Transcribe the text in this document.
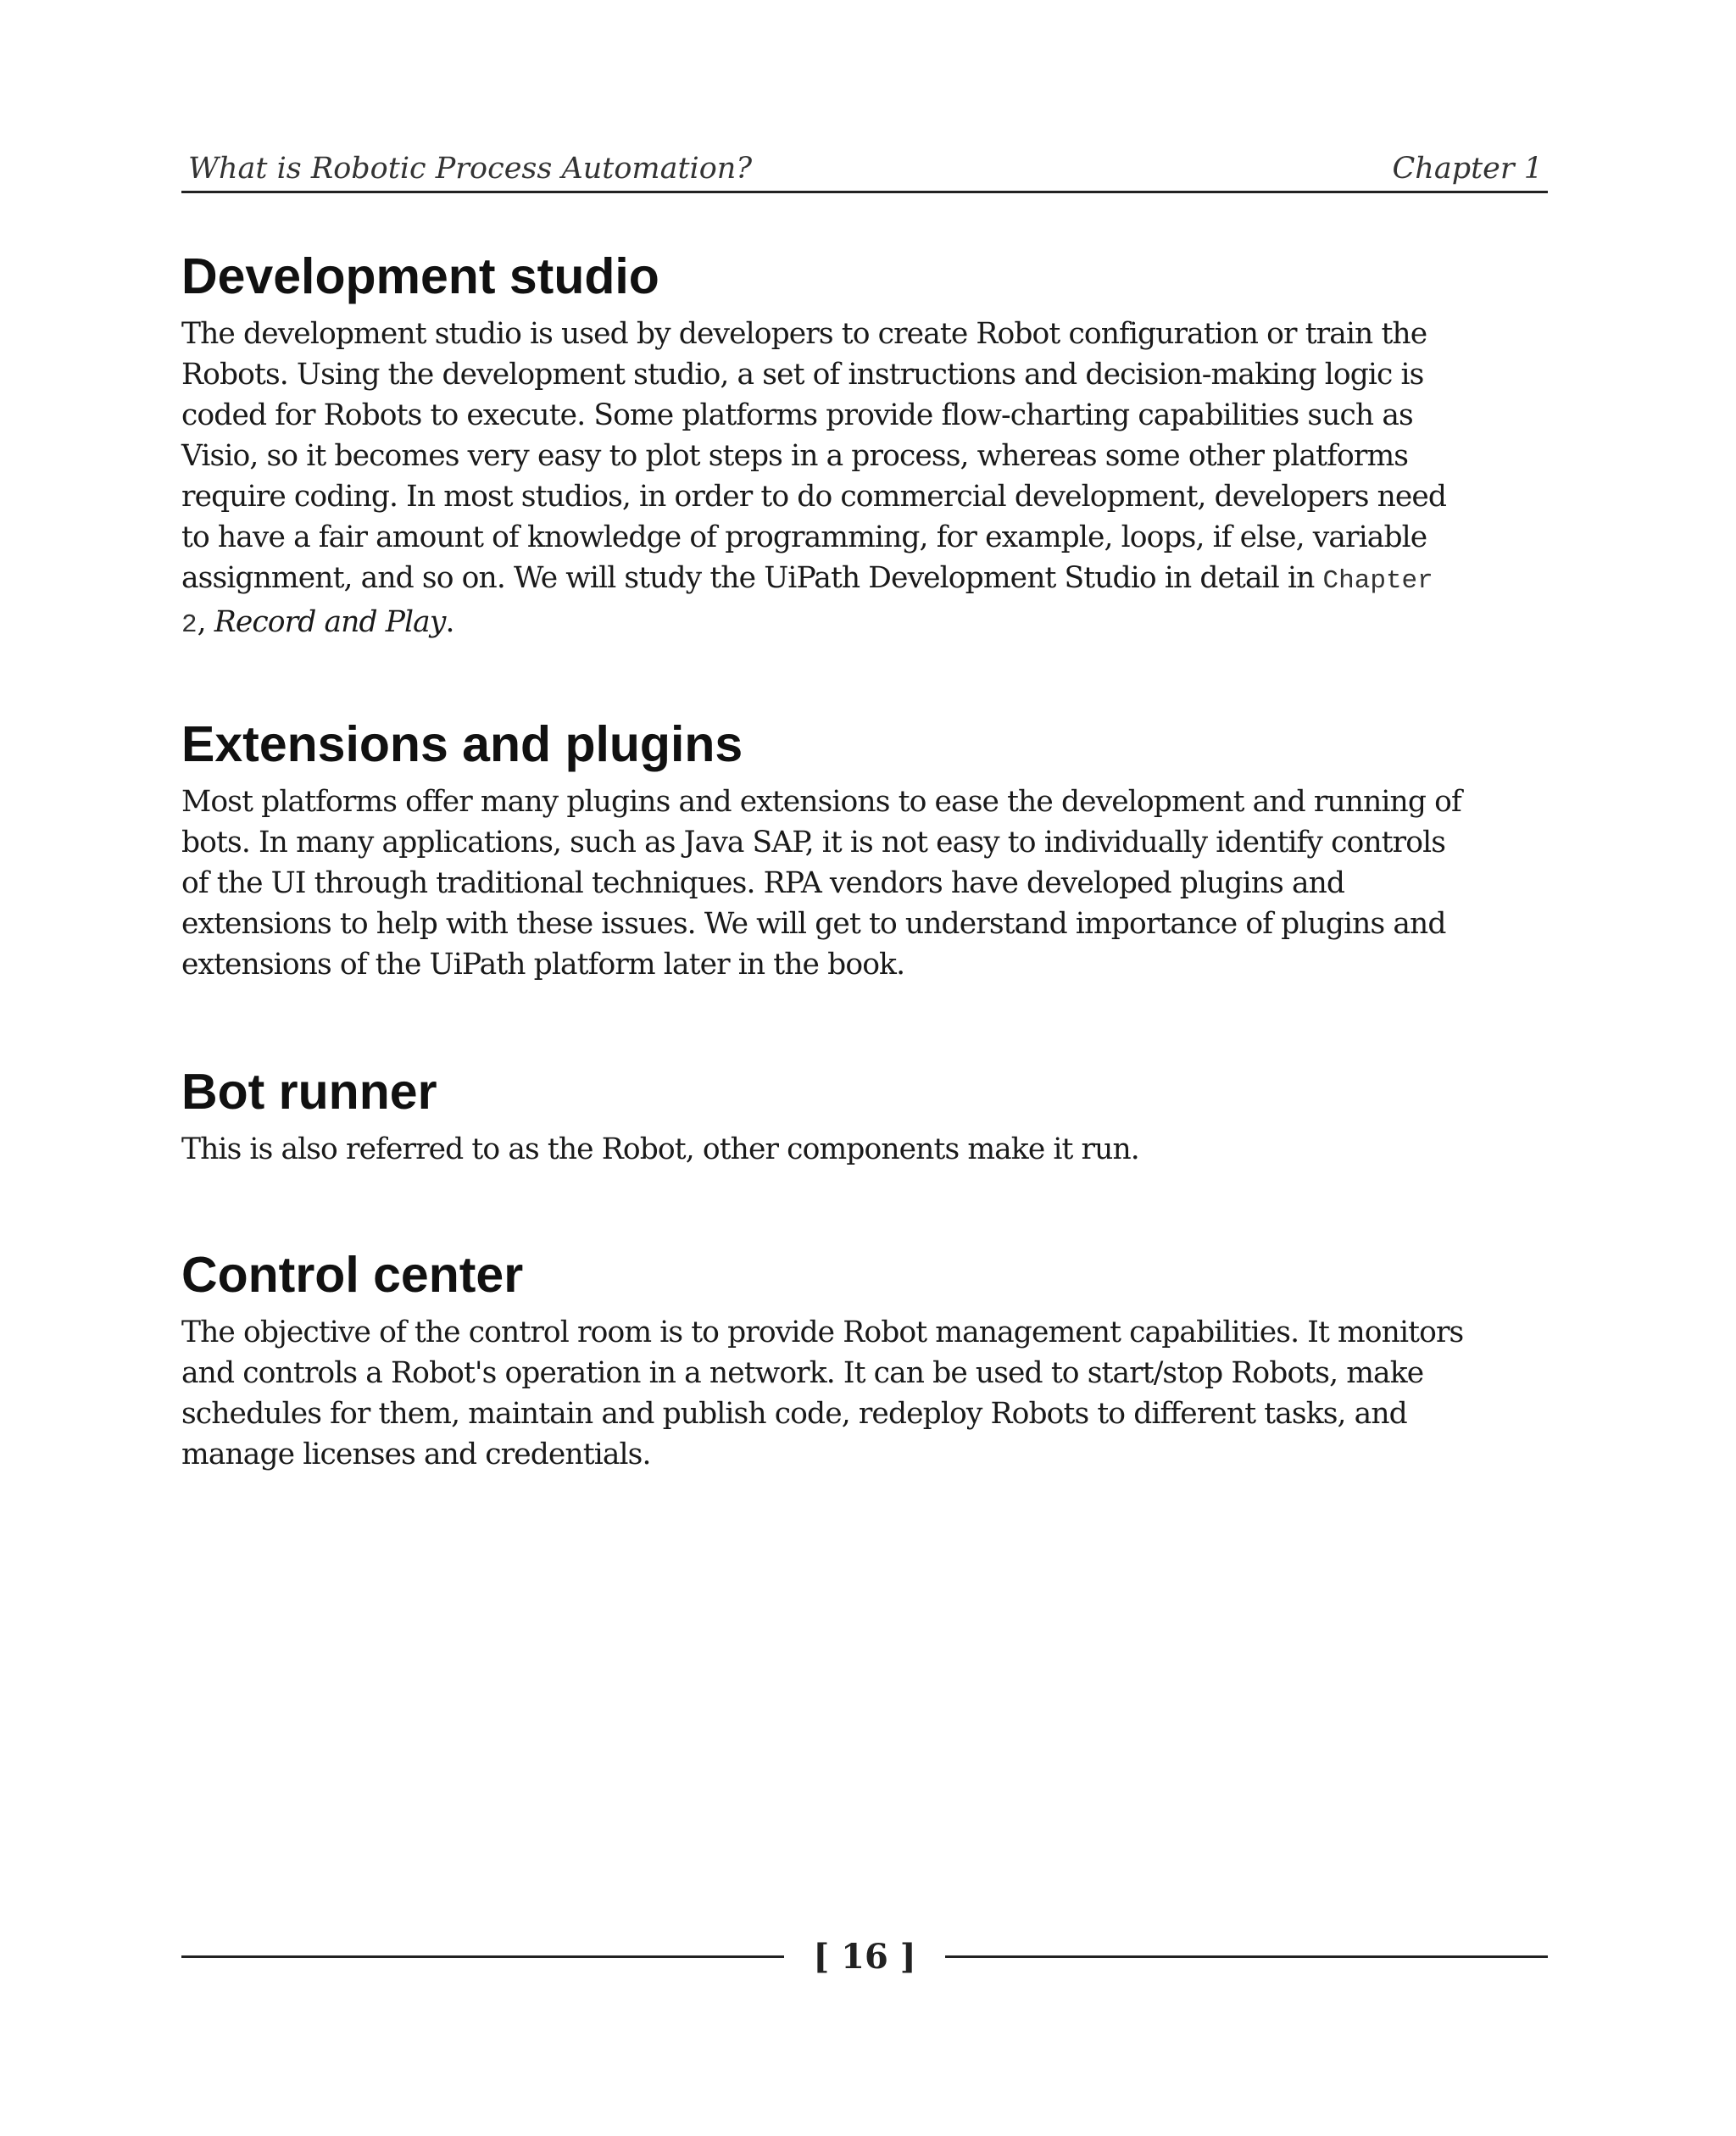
What is Robotic Process Automation?	Chapter 1
Development studio

The development studio is used by developers to create Robot configuration or train the
Robots. Using the development studio, a set of instructions and decision-making logic is
coded for Robots to execute. Some platforms provide flow-charting capabilities such as
Visio, so it becomes very easy to plot steps in a process, whereas some other platforms
require coding. In most studios, in order to do commercial development, developers need
to have a fair amount of knowledge of programming, for example, loops, if else, variable
assignment, and so on. We will study the UiPath Development Studio in detail in Chapter
2, Record and Play.

Extensions and plugins

Most platforms offer many plugins and extensions to ease the development and running of
bots. In many applications, such as Java SAP, it is not easy to individually identify controls
of the UI through traditional techniques. RPA vendors have developed plugins and
extensions to help with these issues. We will get to understand importance of plugins and
extensions of the UiPath platform later in the book.

Bot runner

This is also referred to as the Robot, other components make it run.

Control center

The objective of the control room is to provide Robot management capabilities. It monitors
and controls a Robot's operation in a network. It can be used to start/stop Robots, make
schedules for them, maintain and publish code, redeploy Robots to different tasks, and
manage licenses and credentials.

[ 16 ]
